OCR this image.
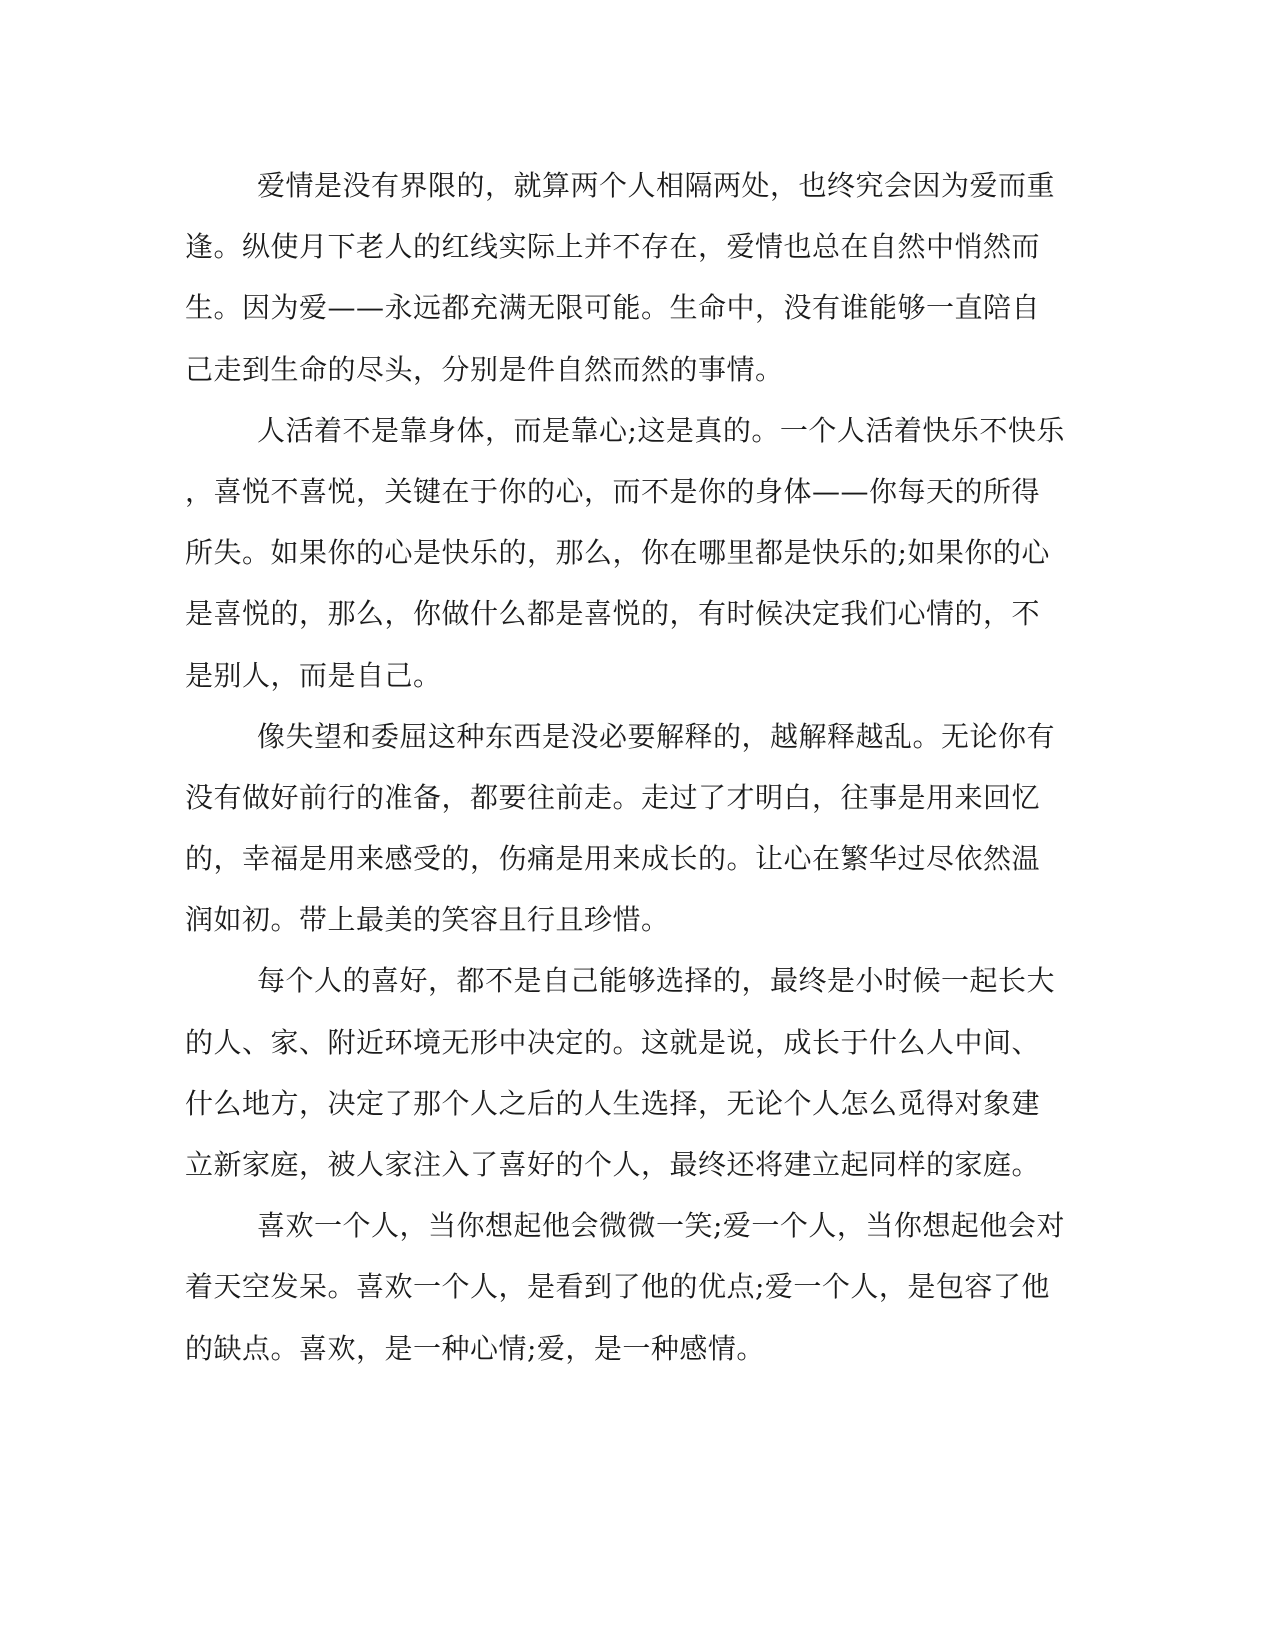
爱情是没有界限的，就算两个人相隔两处，也终究会因为爱而重
逢。纵使月下老人的红线实际上并不存在，爱情也总在自然中悄然而
生。因为爱——永远都充满无限可能。生命中，没有谁能够一直陪自
己走到生命的尽头，分别是件自然而然的事情。
人活着不是靠身体，而是靠心;这是真的。一个人活着快乐不快乐
，喜悦不喜悦，关键在于你的心，而不是你的身体——你每天的所得
所失。如果你的心是快乐的，那么，你在哪里都是快乐的;如果你的心
是喜悦的，那么，你做什么都是喜悦的，有时候决定我们心情的，不
是别人，而是自己。
像失望和委屈这种东西是没必要解释的，越解释越乱。无论你有
没有做好前行的准备，都要往前走。走过了才明白，往事是用来回忆
的，幸福是用来感受的，伤痛是用来成长的。让心在繁华过尽依然温
润如初。带上最美的笑容且行且珍惜。
每个人的喜好，都不是自己能够选择的，最终是小时候一起长大
的人、家、附近环境无形中决定的。这就是说，成长于什么人中间、
什么地方，决定了那个人之后的人生选择，无论个人怎么觅得对象建
立新家庭，被人家注入了喜好的个人，最终还将建立起同样的家庭。
喜欢一个人，当你想起他会微微一笑;爱一个人，当你想起他会对
着天空发呆。喜欢一个人，是看到了他的优点;爱一个人，是包容了他
的缺点。喜欢，是一种心情;爱，是一种感情。
